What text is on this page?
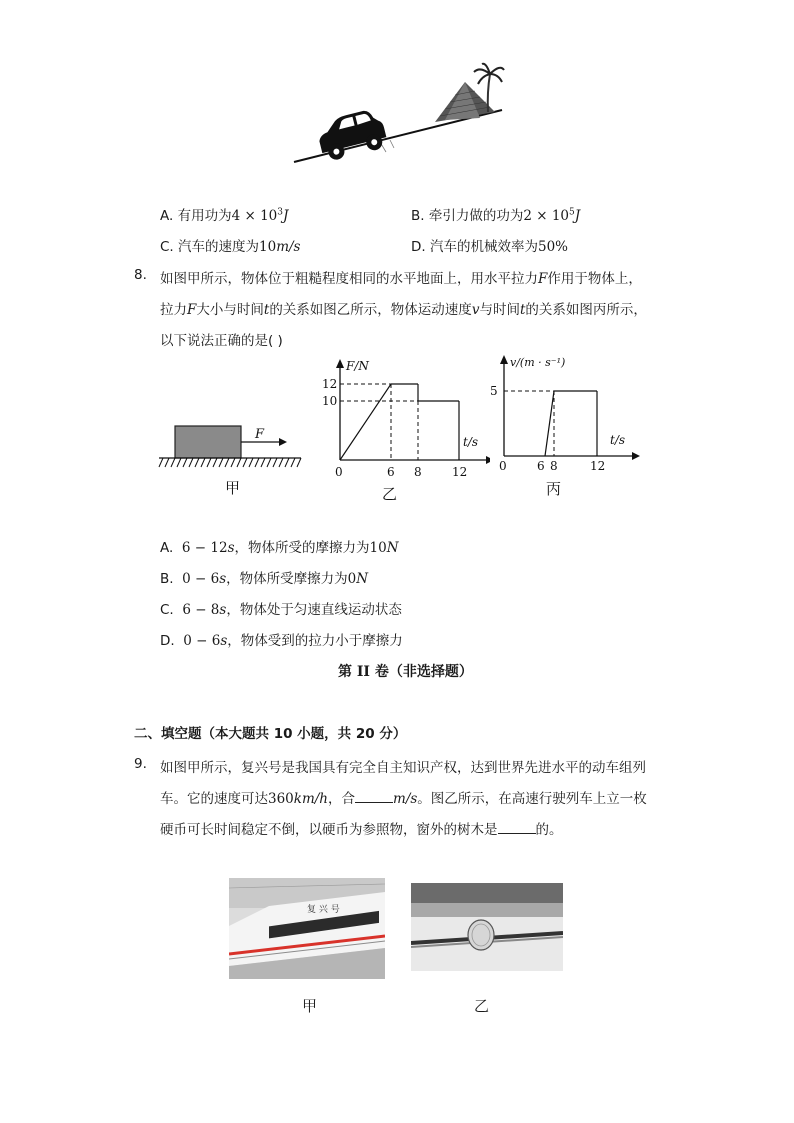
A. 有用功为$4 \times 10^3J$	B. 牵引力做的功为$2 \times 10^5J$
C. 汽车的速度为10m/s	D. 汽车的机械效率为50%
8. 如图甲所示，物体位于粗糙程度相同的水平地面上，用水平拉力F作用于物体上，
拉力F大小与时间t的关系如图乙所示，物体运动速度v与时间t的关系如图丙所示，
以下说法正确的是( )
F
甲
F/N
t/s
12
10
0	6 8	12
乙
v/(m · s⁻¹)
t/s
5
0	6 8	12
丙
A. 6 − 12s，物体所受的摩擦力为10N
B. 0 − 6s，物体所受摩擦力为0N
C. 6 − 8s，物体处于匀速直线运动状态
D. 0 − 6s，物体受到的拉力小于摩擦力
第 II 卷（非选择题）
二、填空题（本大题共 10 小题，共 20 分）
9. 如图甲所示，复兴号是我国具有完全自主知识产权，达到世界先进水平的动车组列
车。它的速度可达360km/h，合	m/s。图乙所示，在高速行驶列车上立一枚
硬币可长时间稳定不倒，以硬币为参照物，窗外的树木是	的。
复 兴 号
甲	乙
